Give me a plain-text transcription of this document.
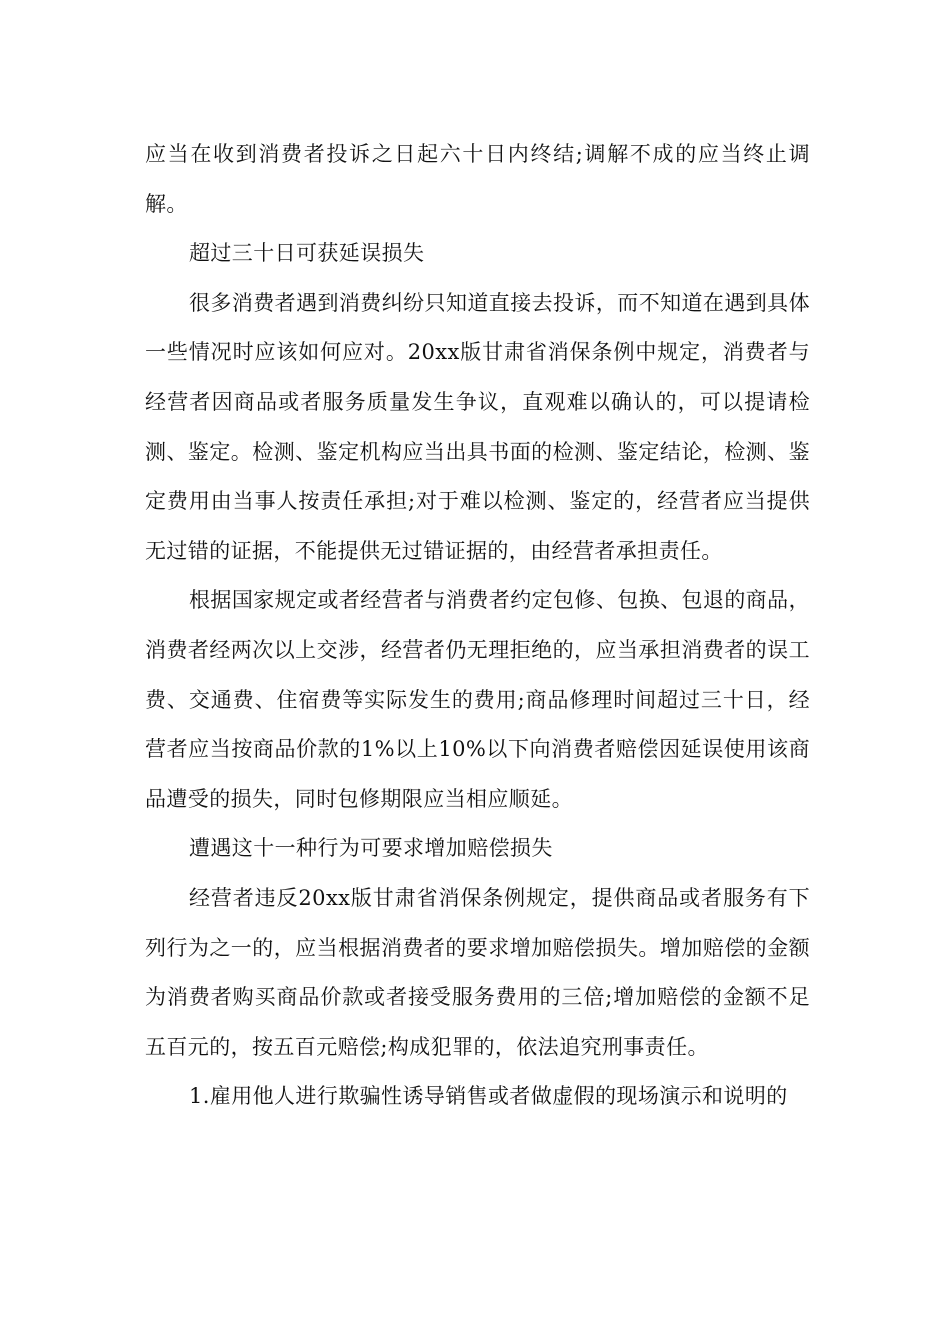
应当在收到消费者投诉之日起六十日内终结;调解不成的应当终止调解。

超过三十日可获延误损失

很多消费者遇到消费纠纷只知道直接去投诉，而不知道在遇到具体一些情况时应该如何应对。20xx版甘肃省消保条例中规定，消费者与经营者因商品或者服务质量发生争议，直观难以确认的，可以提请检测、鉴定。检测、鉴定机构应当出具书面的检测、鉴定结论，检测、鉴定费用由当事人按责任承担;对于难以检测、鉴定的，经营者应当提供无过错的证据，不能提供无过错证据的，由经营者承担责任。

根据国家规定或者经营者与消费者约定包修、包换、包退的商品，消费者经两次以上交涉，经营者仍无理拒绝的，应当承担消费者的误工费、交通费、住宿费等实际发生的费用;商品修理时间超过三十日，经营者应当按商品价款的1%以上10%以下向消费者赔偿因延误使用该商品遭受的损失，同时包修期限应当相应顺延。

遭遇这十一种行为可要求增加赔偿损失

经营者违反20xx版甘肃省消保条例规定，提供商品或者服务有下列行为之一的，应当根据消费者的要求增加赔偿损失。增加赔偿的金额为消费者购买商品价款或者接受服务费用的三倍;增加赔偿的金额不足五百元的，按五百元赔偿;构成犯罪的，依法追究刑事责任。

1.雇用他人进行欺骗性诱导销售或者做虚假的现场演示和说明的
